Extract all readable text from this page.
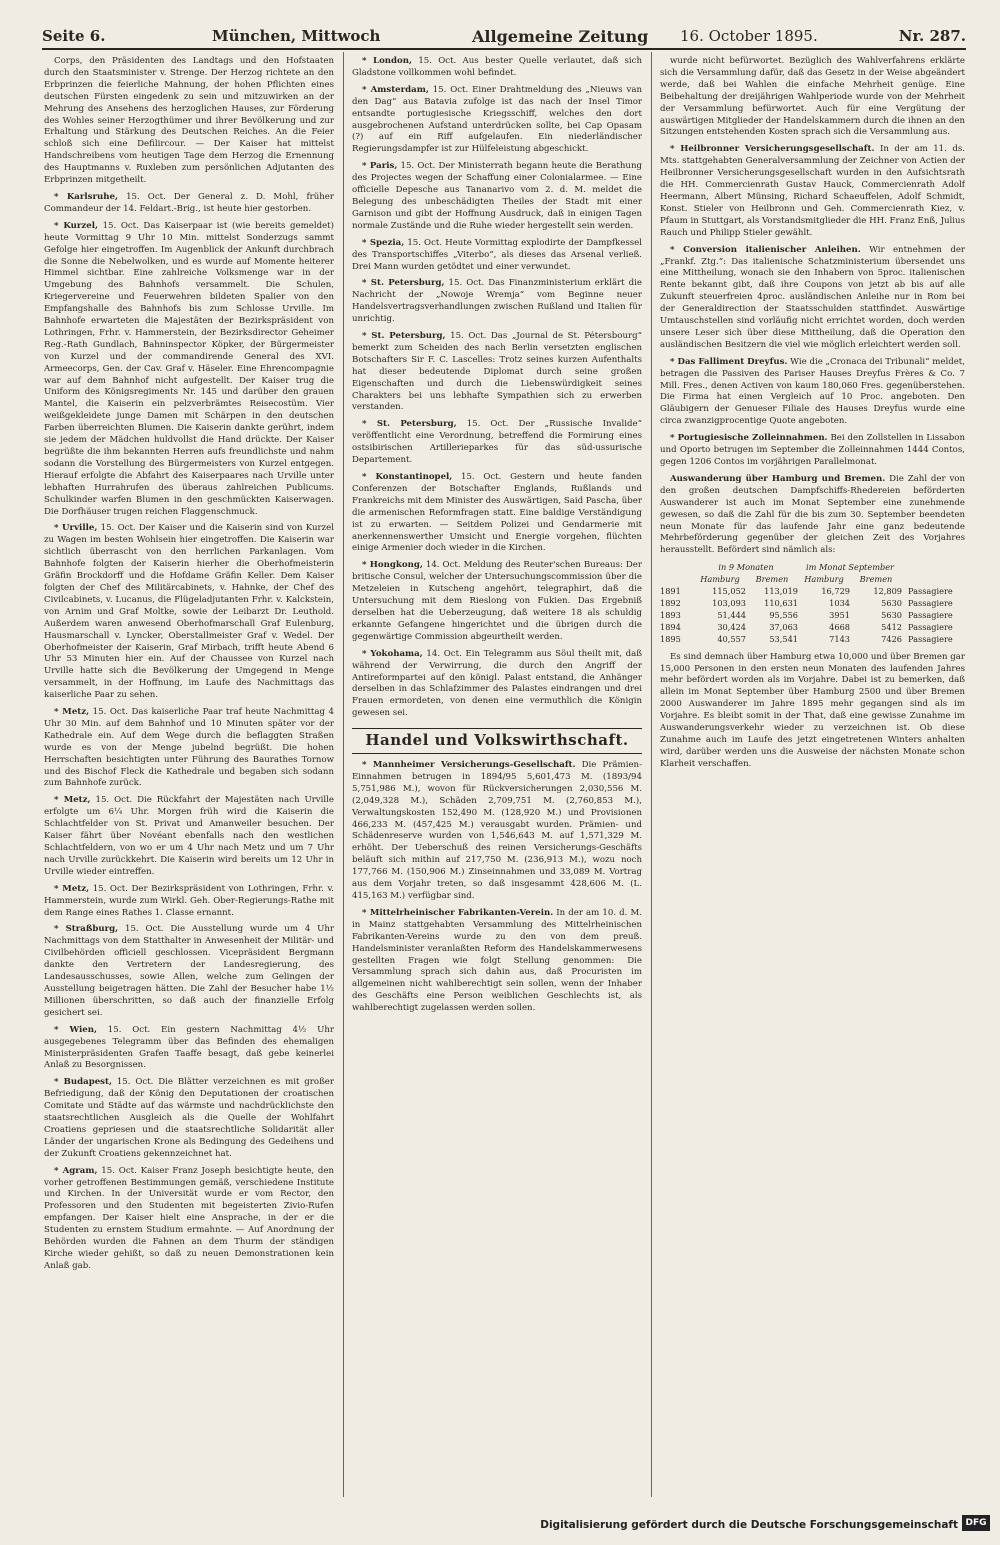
Seite 6.	München, Mittwoch	Allgemeine Zeitung 16. October 1895.	Nr. 287.

Corps, den Präsidenten des Landtags und den Hofstaaten durch den Staatsminister v. Strenge. Der Herzog richtete an den Erbprinzen die feierliche Mahnung, der hohen Pflichten eines deutschen Fürsten eingedenk zu sein und mitzuwirken an der Mehrung des Ansehens des herzoglichen Hauses, zur Förderung des Wohles seiner Herzogthümer und ihrer Bevölkerung und zur Erhaltung und Stärkung des Deutschen Reiches. An die Feier schloß sich eine Defilircour. — Der Kaiser hat mittelst Handschreibens vom heutigen Tage dem Herzog die Ernennung des Hauptmanns v. Ruxleben zum persönlichen Adjutanten des Erbprinzen mitgetheilt.

* Karlsruhe, 15. Oct. Der General z. D. Mohl, früher Commandeur der 14. Feldart.-Brig., ist heute hier gestorben.

* Kurzel, 15. Oct. Das Kaiserpaar ist (wie bereits gemeldet) heute Vormittag 9 Uhr 10 Min. mittelst Sonderzugs sammt Gefolge hier eingetroffen. Im Augenblick der Ankunft durchbrach die Sonne die Nebelwolken, und es wurde auf Momente heiterer Himmel sichtbar. Eine zahlreiche Volksmenge war in der Umgebung des Bahnhofs versammelt. Die Schulen, Kriegervereine und Feuerwehren bildeten Spalier von den Empfangshalle des Bahnhofs bis zum Schlosse Urville. Im Bahnhofe erwarteten die Majestäten der Bezirkspräsident von Lothringen, Frhr. v. Hammerstein, der Bezirksdirector Geheimer Reg.-Rath Gundlach, Bahninspector Köpker, der Bürgermeister von Kurzel und der commandirende General des XVI. Armeecorps, Gen. der Cav. Graf v. Häseler. Eine Ehrencompagnie war auf dem Bahnhof nicht aufgestellt. Der Kaiser trug die Uniform des Königsregiments Nr. 145 und darüber den grauen Mantel, die Kaiserin ein pelzverbrämtes Reisecostüm. Vier weißgekleidete junge Damen mit Schärpen in den deutschen Farben überreichten Blumen. Die Kaiserin dankte gerührt, indem sie jedem der Mädchen huldvollst die Hand drückte. Der Kaiser begrüßte die ihm bekannten Herren aufs freundlichste und nahm sodann die Vorstellung des Bürgermeisters von Kurzel entgegen. Hierauf erfolgte die Abfahrt des Kaiserpaares nach Urville unter lebhaften Hurrahrufen des überaus zahlreichen Publicums. Schulkinder warfen Blumen in den geschmückten Kaiserwagen. Die Dorfhäuser trugen reichen Flaggenschmuck.

* Urville, 15. Oct. Der Kaiser und die Kaiserin sind von Kurzel zu Wagen im besten Wohlsein hier eingetroffen. Die Kaiserin war sichtlich überrascht von den herrlichen Parkanlagen. Vom Bahnhofe folgten der Kaiserin hierher die Oberhofmeisterin Gräfin Brockdorff und die Hofdame Gräfin Keller. Dem Kaiser folgten der Chef des Militärcabinets, v. Hahnke, der Chef des Civilcabinets, v. Lucanus, die Flügeladjutanten Frhr. v. Kalckstein, von Arnim und Graf Moltke, sowie der Leibarzt Dr. Leuthold. Außerdem waren anwesend Oberhofmarschall Graf Eulenburg, Hausmarschall v. Lyncker, Oberstallmeister Graf v. Wedel. Der Oberhofmeister der Kaiserin, Graf Mirbach, trifft heute Abend 6 Uhr 53 Minuten hier ein. Auf der Chaussee von Kurzel nach Urville hatte sich die Bevölkerung der Umgegend in Menge versammelt, in der Hoffnung, im Laufe des Nachmittags das kaiserliche Paar zu sehen.

* Metz, 15. Oct. Das kaiserliche Paar traf heute Nachmittag 4 Uhr 30 Min. auf dem Bahnhof und 10 Minuten später vor der Kathedrale ein. Auf dem Wege durch die beflaggten Straßen wurde es von der Menge jubelnd begrüßt. Die hohen Herrschaften besichtigten unter Führung des Baurathes Tornow und des Bischof Fleck die Kathedrale und begaben sich sodann zum Bahnhofe zurück.

* Metz, 15. Oct. Die Rückfahrt der Majestäten nach Urville erfolgte um 6¼ Uhr. Morgen früh wird die Kaiserin die Schlachtfelder von St. Privat und Amanweiler besuchen. Der Kaiser fährt über Novéant ebenfalls nach den westlichen Schlachtfeldern, von wo er um 4 Uhr nach Metz und um 7 Uhr nach Urville zurückkehrt. Die Kaiserin wird bereits um 12 Uhr in Urville wieder eintreffen.

* Metz, 15. Oct. Der Bezirkspräsident von Lothringen, Frhr. v. Hammerstein, wurde zum Wirkl. Geh. Ober-Regierungs-Rathe mit dem Range eines Rathes 1. Classe ernannt.

* Straßburg, 15. Oct. Die Ausstellung wurde um 4 Uhr Nachmittags von dem Statthalter in Anwesenheit der Militär- und Civilbehörden officiell geschlossen. Vicepräsident Bergmann dankte den Vertretern der Landesregierung, des Landesausschusses, sowie Allen, welche zum Gelingen der Ausstellung beigetragen hätten. Die Zahl der Besucher habe 1½ Millionen überschritten, so daß auch der finanzielle Erfolg gesichert sei.

* Wien, 15. Oct. Ein gestern Nachmittag 4½ Uhr ausgegebenes Telegramm über das Befinden des ehemaligen Ministerpräsidenten Grafen Taaffe besagt, daß gebe keinerlei Anlaß zu Besorgnissen.

* Budapest, 15. Oct. Die Blätter verzeichnen es mit großer Befriedigung, daß der König den Deputationen der croatischen Comitate und Städte auf das wärmste und nachdrücklichste den staatsrechtlichen Ausgleich als die Quelle der Wohlfahrt Croatiens gepriesen und die staatsrechtliche Solidarität aller Länder der ungarischen Krone als Bedingung des Gedeihens und der Zukunft Croatiens gekennzeichnet hat.

* Agram, 15. Oct. Kaiser Franz Joseph besichtigte heute, den vorher getroffenen Bestimmungen gemäß, verschiedene Institute und Kirchen. In der Universität wurde er vom Rector, den Professoren und den Studenten mit begeisterten Zivio-Rufen empfangen. Der Kaiser hielt eine Ansprache, in der er die Studenten zu ernstem Studium ermahnte. — Auf Anordnung der Behörden wurden die Fahnen an dem Thurm der ständigen Kirche wieder gehißt, so daß zu neuen Demonstrationen kein Anlaß gab.

* London, 15. Oct. Aus bester Quelle verlautet, daß sich Gladstone vollkommen wohl befindet.

* Amsterdam, 15. Oct. Einer Drahtmeldung des „Nieuws van den Dag“ aus Batavia zufolge ist das nach der Insel Timor entsandte portugiesische Kriegsschiff, welches den dort ausgebrochenen Aufstand unterdrücken sollte, bei Cap Opasam (?) auf ein Riff aufgelaufen. Ein niederländischer Regierungsdampfer ist zur Hülfeleistung abgeschickt.

* Paris, 15. Oct. Der Ministerrath begann heute die Berathung des Projectes wegen der Schaffung einer Colonialarmee. — Eine officielle Depesche aus Tananarivo vom 2. d. M. meldet die Belegung des unbeschädigten Theiles der Stadt mit einer Garnison und gibt der Hoffnung Ausdruck, daß in einigen Tagen normale Zustände und die Ruhe wieder hergestellt sein werden.

* Spezia, 15. Oct. Heute Vormittag explodirte der Dampfkessel des Transportschiffes „Viterbo“, als dieses das Arsenal verließ. Drei Mann wurden getödtet und einer verwundet.

* St. Petersburg, 15. Oct. Das Finanzministerium erklärt die Nachricht der „Nowoje Wremja“ vom Beginne neuer Handelsvertragsverhandlungen zwischen Rußland und Italien für unrichtig.

* St. Petersburg, 15. Oct. Das „Journal de St. Pétersbourg“ bemerkt zum Scheiden des nach Berlin versetzten englischen Botschafters Sir F. C. Lascelles: Trotz seines kurzen Aufenthalts hat dieser bedeutende Diplomat durch seine großen Eigenschaften und durch die Liebenswürdigkeit seines Charakters bei uns lebhafte Sympathien sich zu erwerben verstanden.

* St. Petersburg, 15. Oct. Der „Russische Invalide“ veröffentlicht eine Verordnung, betreffend die Formirung eines ostsibirischen Artillerieparkes für das süd-ussurische Departement.

* Konstantinopel, 15. Oct. Gestern und heute fanden Conferenzen der Botschafter Englands, Rußlands und Frankreichs mit dem Minister des Auswärtigen, Said Pascha, über die armenischen Reformfragen statt. Eine baldige Verständigung ist zu erwarten. — Seitdem Polizei und Gendarmerie mit anerkennenswerther Umsicht und Energie vorgehen, flüchten einige Armenier doch wieder in die Kirchen.

* Hongkong, 14. Oct. Meldung des Reuter'schen Bureaus: Der britische Consul, welcher der Untersuchungscommission über die Metzeleien in Kutscheng angehört, telegraphirt, daß die Untersuchung mit dem Rieslong von Fukien. Das Ergebniß derselben hat die Ueberzeugung, daß weitere 18 als schuldig erkannte Gefangene hingerichtet und die übrigen durch die gegenwärtige Commission abgeurtheilt werden.

* Yokohama, 14. Oct. Ein Telegramm aus Söul theilt mit, daß während der Verwirrung, die durch den Angriff der Antireformpartei auf den königl. Palast entstand, die Anhänger derselben in das Schlafzimmer des Palastes eindrangen und drei Frauen ermordeten, von denen eine vermuthlich die Königin gewesen sei.

Handel und Volkswirthschaft.

* Mannheimer Versicherungs-Gesellschaft. Die Prämien-Einnahmen betrugen in 1894/95 5,601,473 M. (1893/94 5,751,986 M.), wovon für Rückversicherungen 2,030,556 M. (2,049,328 M.), Schäden 2,709,751 M. (2,760,853 M.), Verwaltungskosten 152,490 M. (128,920 M.) und Provisionen 466,233 M. (457,425 M.) verausgabt wurden. Prämien- und Schädenreserve wurden von 1,546,643 M. auf 1,571,329 M. erhöht. Der Ueberschuß des reinen Versicherungs-Geschäfts beläuft sich mithin auf 217,750 M. (236,913 M.), wozu noch 177,766 M. (150,906 M.) Zinseinnahmen und 33,089 M. Vortrag aus dem Vorjahr treten, so daß insgesammt 428,606 M. (L. 415,163 M.) verfügbar sind.

* Mittelrheinischer Fabrikanten-Verein. In der am 10. d. M. in Mainz stattgehabten Versammlung des Mittelrheinischen Fabrikanten-Vereins wurde zu den von dem preuß. Handelsminister veranlaßten Reform des Handelskammerwesens gestellten Fragen wie folgt Stellung genommen: Die Versammlung sprach sich dahin aus, daß Procuristen im allgemeinen nicht wahlberechtigt sein sollen, wenn der Inhaber des Geschäfts eine Person weiblichen Geschlechts ist, als wahlberechtigt zugelassen werden sollen.

wurde nicht befürwortet. Bezüglich des Wahlverfahrens erklärte sich die Versammlung dafür, daß das Gesetz in der Weise abgeändert werde, daß bei Wahlen die einfache Mehrheit genüge. Eine Beibehaltung der dreijährigen Wahlperiode wurde von der Mehrheit der Versammlung befürwortet. Auch für eine Vergütung der auswärtigen Mitglieder der Handelskammern durch die ihnen an den Sitzungen entstehenden Kosten sprach sich die Versammlung aus.

* Heilbronner Versicherungsgesellschaft. In der am 11. ds. Mts. stattgehabten Generalversammlung der Zeichner von Actien der Heilbronner Versicherungsgesellschaft wurden in den Aufsichtsrath die HH. Commercienrath Gustav Hauck, Commercienrath Adolf Heermann, Albert Münsing, Richard Schaeuffelen, Adolf Schmidt, Konst. Stieler von Heilbronn und Geh. Commercienrath Kiez, v. Pfaum in Stuttgart, als Vorstandsmitglieder die HH. Franz Enß, Julius Rauch und Philipp Stieler gewählt.

* Conversion italienischer Anleihen. Wir entnehmen der „Frankf. Ztg.“: Das italienische Schatzministerium übersendet uns eine Mittheilung, wonach sie den Inhabern von 5proc. italienischen Rente bekannt gibt, daß ihre Coupons von jetzt ab bis auf alle Zukunft steuerfreien 4proc. ausländischen Anleihe nur in Rom bei der Generaldirection der Staatsschulden stattfindet. Auswärtige Umtauschstellen sind vorläufig nicht errichtet worden, doch werden unsere Leser sich über diese Mittheilung, daß die Operation den ausländischen Besitzern die viel wie möglich erleichtert werden soll.

* Das Falliment Dreyfus. Wie die „Cronaca dei Tribunali“ meldet, betragen die Passiven des Pariser Hauses Dreyfus Frères & Co. 7 Mill. Fres., denen Activen von kaum 180,060 Fres. gegenüberstehen. Die Firma hat einen Vergleich auf 10 Proc. angeboten. Den Gläubigern der Genueser Filiale des Hauses Dreyfus wurde eine circa zwanzigprocentige Quote angeboten.

* Portugiesische Zolleinnahmen. Bei den Zollstellen in Lissabon und Oporto betrugen im September die Zolleinnahmen 1444 Contos, gegen 1206 Contos im vorjährigen Parallelmonat.

Auswanderung über Hamburg und Bremen. Die Zahl der von den großen deutschen Dampfschiffs-Rhedereien beförderten Auswanderer ist auch im Monat September eine zunehmende gewesen, so daß die Zahl für die bis zum 30. September beendeten neun Monate für das laufende Jahr eine ganz bedeutende Mehrbeförderung gegenüber der gleichen Zeit des Vorjahres herausstellt. Befördert sind nämlich als:

in 9 Monaten	im Monat September
Hamburg	Bremen	Hamburg	Bremen
1891	115,052	113,019	16,729	12,809 Passagiere
1892	103,093	110,631	1034	5630 Passagiere
1893	51,444	95,556	3951	5630 Passagiere
1894	30,424	37,063	4668	5412 Passagiere
1895	40,557	53,541	7143	7426 Passagiere

Es sind demnach über Hamburg etwa 10,000 und über Bremen gar 15,000 Personen in den ersten neun Monaten des laufenden Jahres mehr befördert worden als im Vorjahre. Dabei ist zu bemerken, daß allein im Monat September über Hamburg 2500 und über Bremen 2000 Auswanderer im Jahre 1895 mehr gegangen sind als im Vorjahre. Es bleibt somit in der That, daß eine gewisse Zunahme im Auswanderungsverkehr wieder zu verzeichnen ist. Ob diese Zunahme auch im Laufe des jetzt eingetretenen Winters anhalten wird, darüber werden uns die Ausweise der nächsten Monate schon Klarheit verschaffen.

Digitalisierung gefördert durch die Deutsche Forschungsgemeinschaft DFG
